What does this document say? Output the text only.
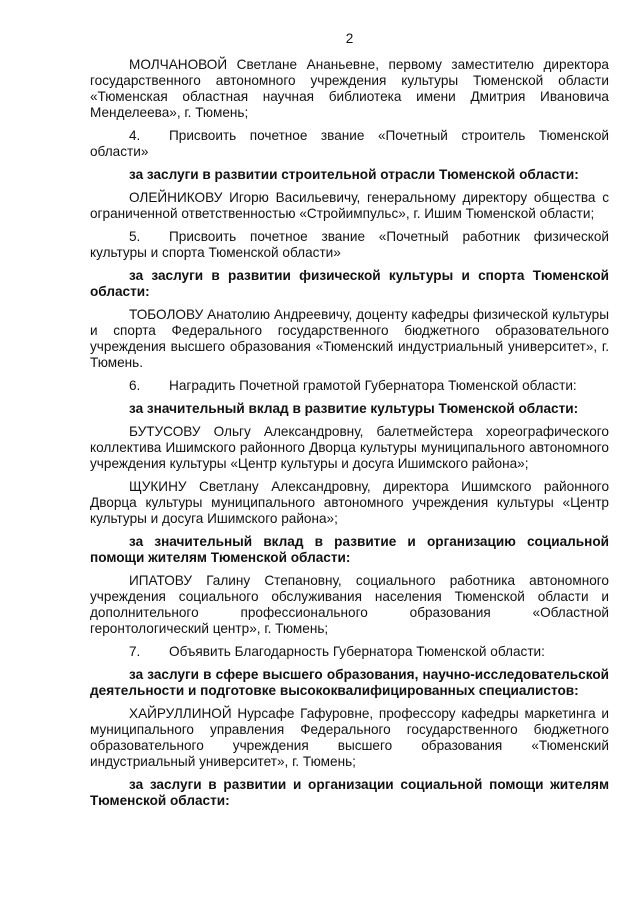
2

МОЛЧАНОВОЙ Светлане Ананьевне, первому заместителю директора государственного автономного учреждения культуры Тюменской области «Тюменская областная научная библиотека имени Дмитрия Ивановича Менделеева», г. Тюмень;

4. Присвоить почетное звание «Почетный строитель Тюменской области»

за заслуги в развитии строительной отрасли Тюменской области:

ОЛЕЙНИКОВУ Игорю Васильевичу, генеральному директору общества с ограниченной ответственностью «Стройимпульс», г. Ишим Тюменской области;

5. Присвоить почетное звание «Почетный работник физической культуры и спорта Тюменской области»

за заслуги в развитии физической культуры и спорта Тюменской области:

ТОБОЛОВУ Анатолию Андреевичу, доценту кафедры физической культуры и спорта Федерального государственного бюджетного образовательного учреждения высшего образования «Тюменский индустриальный университет», г. Тюмень.

6. Наградить Почетной грамотой Губернатора Тюменской области:

за значительный вклад в развитие культуры Тюменской области:

БУТУСОВУ Ольгу Александровну, балетмейстера хореографического коллектива Ишимского районного Дворца культуры муниципального автономного учреждения культуры «Центр культуры и досуга Ишимского района»;

ЩУКИНУ Светлану Александровну, директора Ишимского районного Дворца культуры муниципального автономного учреждения культуры «Центр культуры и досуга Ишимского района»;

за значительный вклад в развитие и организацию социальной помощи жителям Тюменской области:

ИПАТОВУ Галину Степановну, социального работника автономного учреждения социального обслуживания населения Тюменской области и дополнительного профессионального образования «Областной геронтологический центр», г. Тюмень;

7. Объявить Благодарность Губернатора Тюменской области:

за заслуги в сфере высшего образования, научно-исследовательской деятельности и подготовке высококвалифицированных специалистов:

ХАЙРУЛЛИНОЙ Нурсафе Гафуровне, профессору кафедры маркетинга и муниципального управления Федерального государственного бюджетного образовательного учреждения высшего образования «Тюменский индустриальный университет», г. Тюмень;

за заслуги в развитии и организации социальной помощи жителям Тюменской области:
